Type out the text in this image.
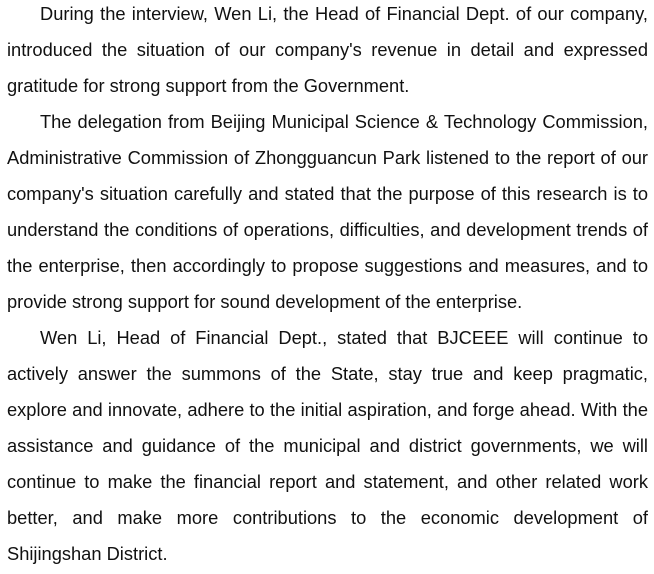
During the interview, Wen Li, the Head of Financial Dept. of our company, introduced the situation of our company's revenue in detail and expressed gratitude for strong support from the Government.

The delegation from Beijing Municipal Science & Technology Commission, Administrative Commission of Zhongguancun Park listened to the report of our company's situation carefully and stated that the purpose of this research is to understand the conditions of operations, difficulties, and development trends of the enterprise, then accordingly to propose suggestions and measures, and to provide strong support for sound development of the enterprise.

Wen Li, Head of Financial Dept., stated that BJCEEE will continue to actively answer the summons of the State, stay true and keep pragmatic, explore and innovate, adhere to the initial aspiration, and forge ahead. With the assistance and guidance of the municipal and district governments, we will continue to make the financial report and statement, and other related work better, and make more contributions to the economic development of Shijingshan District.
